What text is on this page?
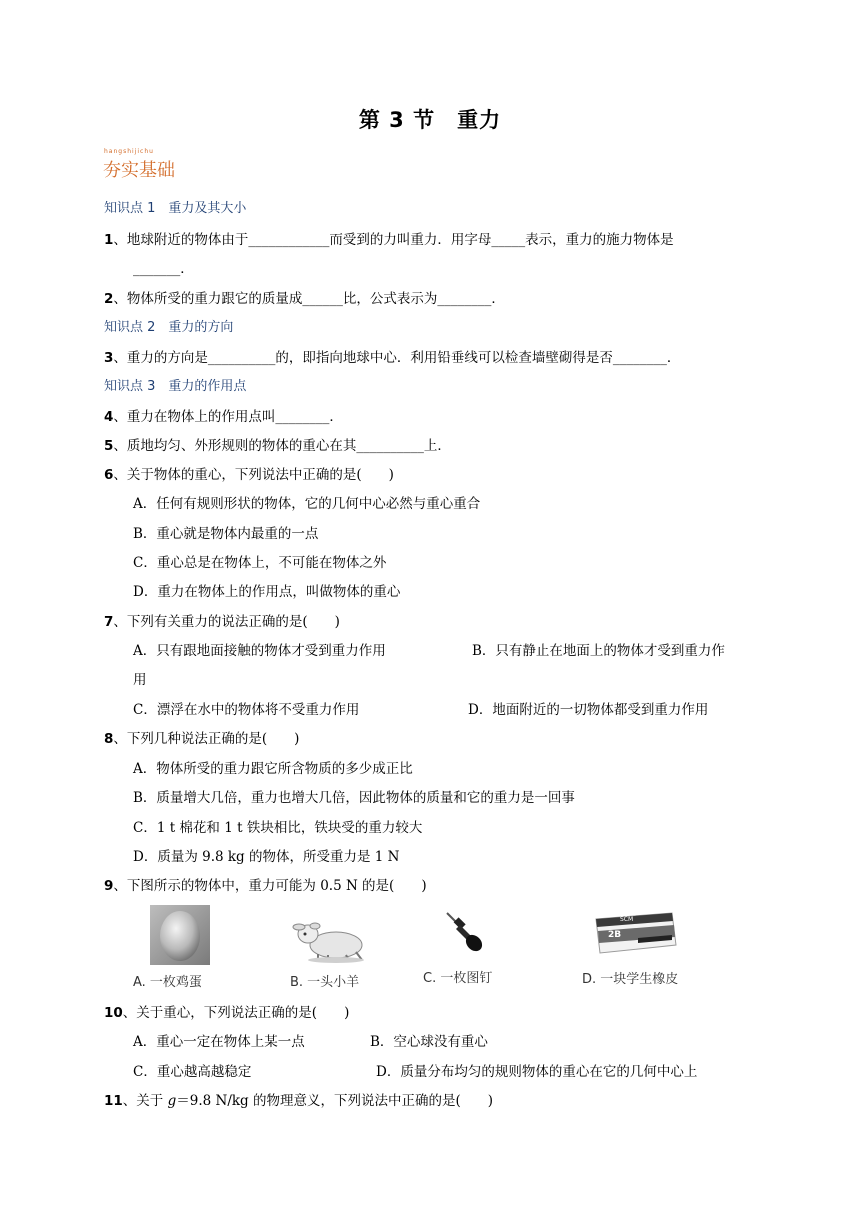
第 3 节　重力
hangshijichu
夯实基础
知识点 1　重力及其大小
1、地球附近的物体由于____________而受到的力叫重力．用字母_____表示，重力的施力物体是
_______．
2、物体所受的重力跟它的质量成______比，公式表示为________．
知识点 2　重力的方向
3、重力的方向是__________的，即指向地球中心．利用铅垂线可以检查墙壁砌得是否________．
知识点 3　重力的作用点
4、重力在物体上的作用点叫________．
5、质地均匀、外形规则的物体的重心在其__________上．
6、关于物体的重心，下列说法中正确的是(　　)
A．任何有规则形状的物体，它的几何中心必然与重心重合
B．重心就是物体内最重的一点
C．重心总是在物体上，不可能在物体之外
D．重力在物体上的作用点，叫做物体的重心
7、下列有关重力的说法正确的是(　　)
A．只有跟地面接触的物体才受到重力作用	B．只有静止在地面上的物体才受到重力作
用
C．漂浮在水中的物体将不受重力作用	D．地面附近的一切物体都受到重力作用
8、下列几种说法正确的是(　　)
A．物体所受的重力跟它所含物质的多少成正比
B．质量增大几倍，重力也增大几倍，因此物体的质量和它的重力是一回事
C．1 t 棉花和 1 t 铁块相比，铁块受的重力较大
D．质量为 9.8 kg 的物体，所受重力是 1 N
9、下图所示的物体中，重力可能为 0.5 N 的是(　　)
A. 一枚鸡蛋	B. 一头小羊	C. 一枚图钉
SCM
2B
D. 一块学生橡皮
10、关于重心，下列说法正确的是(　　)
A．重心一定在物体上某一点	B．空心球没有重心
C．重心越高越稳定	D．质量分布均匀的规则物体的重心在它的几何中心上
11、关于 g＝9.8 N/kg 的物理意义，下列说法中正确的是(　　)
